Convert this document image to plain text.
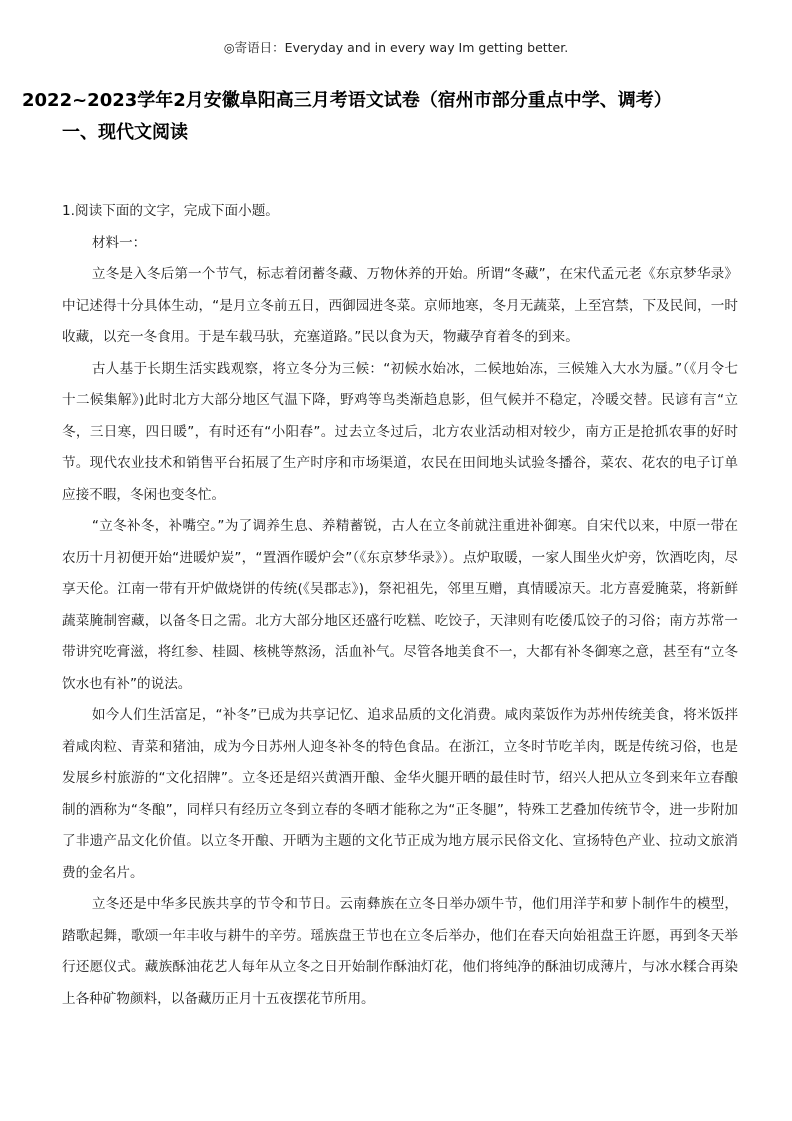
◎寄语日：Everyday and in every way Im getting better.
2022~2023学年2月安徽阜阳高三月考语文试卷（宿州市部分重点中学、调考）
一、现代文阅读

1.阅读下面的文字，完成下面小题。

材料一：

立冬是入冬后第一个节气，标志着闭蓄冬藏、万物休养的开始。所谓“冬藏”，在宋代孟元老《东京梦华录》中记述得十分具体生动，“是月立冬前五日，西御园进冬菜。京师地寒，冬月无蔬菜，上至宫禁，下及民间，一时收藏，以充一冬食用。于是车载马驮，充塞道路。”民以食为天，物藏孕育着冬的到来。

古人基于长期生活实践观察，将立冬分为三候：“初候水始冰，二候地始冻，三候雉入大水为蜃。”（《月令七十二候集解》)此时北方大部分地区气温下降，野鸡等鸟类渐趋息影，但气候并不稳定，冷暖交替。民谚有言“立冬，三日寒，四日暖”，有时还有“小阳春”。过去立冬过后，北方农业活动相对较少，南方正是抢抓农事的好时节。现代农业技术和销售平台拓展了生产时序和市场渠道，农民在田间地头试验冬播谷，菜农、花农的电子订单应接不暇，冬闲也变冬忙。

“立冬补冬，补嘴空。”为了调养生息、养精蓄锐，古人在立冬前就注重进补御寒。自宋代以来，中原一带在农历十月初便开始“进暖炉炭”，“置酒作暖炉会”（《东京梦华录》）。点炉取暖，一家人围坐火炉旁，饮酒吃肉，尽享天伦。江南一带有开炉做烧饼的传统(《吴郡志》)，祭祀祖先，邻里互赠，真情暖凉天。北方喜爱腌菜，将新鲜蔬菜腌制窖藏，以备冬日之需。北方大部分地区还盛行吃糕、吃饺子，天津则有吃倭瓜饺子的习俗；南方苏常一带讲究吃膏滋，将红参、桂圆、核桃等熬汤，活血补气。尽管各地美食不一，大都有补冬御寒之意，甚至有“立冬饮水也有补”的说法。

如今人们生活富足，“补冬”已成为共享记忆、追求品质的文化消费。咸肉菜饭作为苏州传统美食，将米饭拌着咸肉粒、青菜和猪油，成为今日苏州人迎冬补冬的特色食品。在浙江，立冬时节吃羊肉，既是传统习俗，也是发展乡村旅游的“文化招牌”。立冬还是绍兴黄酒开酿、金华火腿开晒的最佳时节，绍兴人把从立冬到来年立春酿制的酒称为“冬酿”，同样只有经历立冬到立春的冬晒才能称之为“正冬腿”，特殊工艺叠加传统节令，进一步附加了非遗产品文化价值。以立冬开酿、开晒为主题的文化节正成为地方展示民俗文化、宣扬特色产业、拉动文旅消费的金名片。

立冬还是中华多民族共享的节令和节日。云南彝族在立冬日举办颂牛节，他们用洋芋和萝卜制作牛的模型，踏歌起舞，歌颂一年丰收与耕牛的辛劳。瑶族盘王节也在立冬后举办，他们在春天向始祖盘王许愿，再到冬天举行还愿仪式。藏族酥油花艺人每年从立冬之日开始制作酥油灯花，他们将纯净的酥油切成薄片，与冰水糅合再染上各种矿物颜料，以备藏历正月十五夜摆花节所用。
